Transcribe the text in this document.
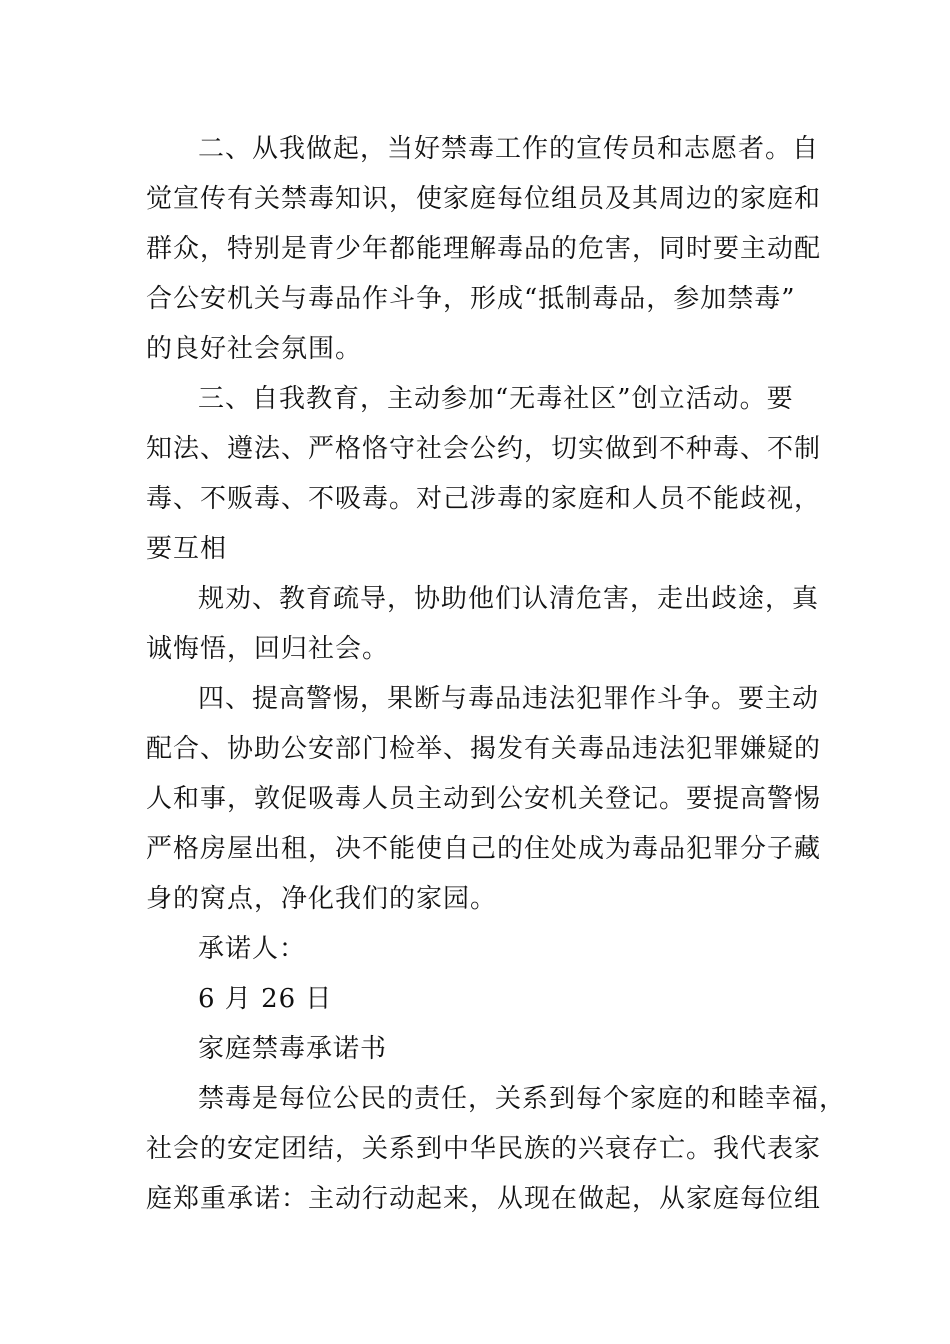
二、从我做起，当好禁毒工作的宣传员和志愿者。自
觉宣传有关禁毒知识，使家庭每位组员及其周边的家庭和
群众，特别是青少年都能理解毒品的危害，同时要主动配
合公安机关与毒品作斗争，形成“抵制毒品，参加禁毒”
的良好社会氛围。
三、自我教育，主动参加“无毒社区”创立活动。要
知法、遵法、严格恪守社会公约，切实做到不种毒、不制
毒、不贩毒、不吸毒。对己涉毒的家庭和人员不能歧视，
要互相
规劝、教育疏导，协助他们认清危害，走出歧途，真
诚悔悟，回归社会。
四、提高警惕，果断与毒品违法犯罪作斗争。要主动
配合、协助公安部门检举、揭发有关毒品违法犯罪嫌疑的
人和事，敦促吸毒人员主动到公安机关登记。要提高警惕
严格房屋出租，决不能使自己的住处成为毒品犯罪分子藏
身的窝点，净化我们的家园。
承诺人：
6 月 26 日
家庭禁毒承诺书
禁毒是每位公民的责任，关系到每个家庭的和睦幸福，
社会的安定团结，关系到中华民族的兴衰存亡。我代表家
庭郑重承诺：主动行动起来，从现在做起，从家庭每位组
